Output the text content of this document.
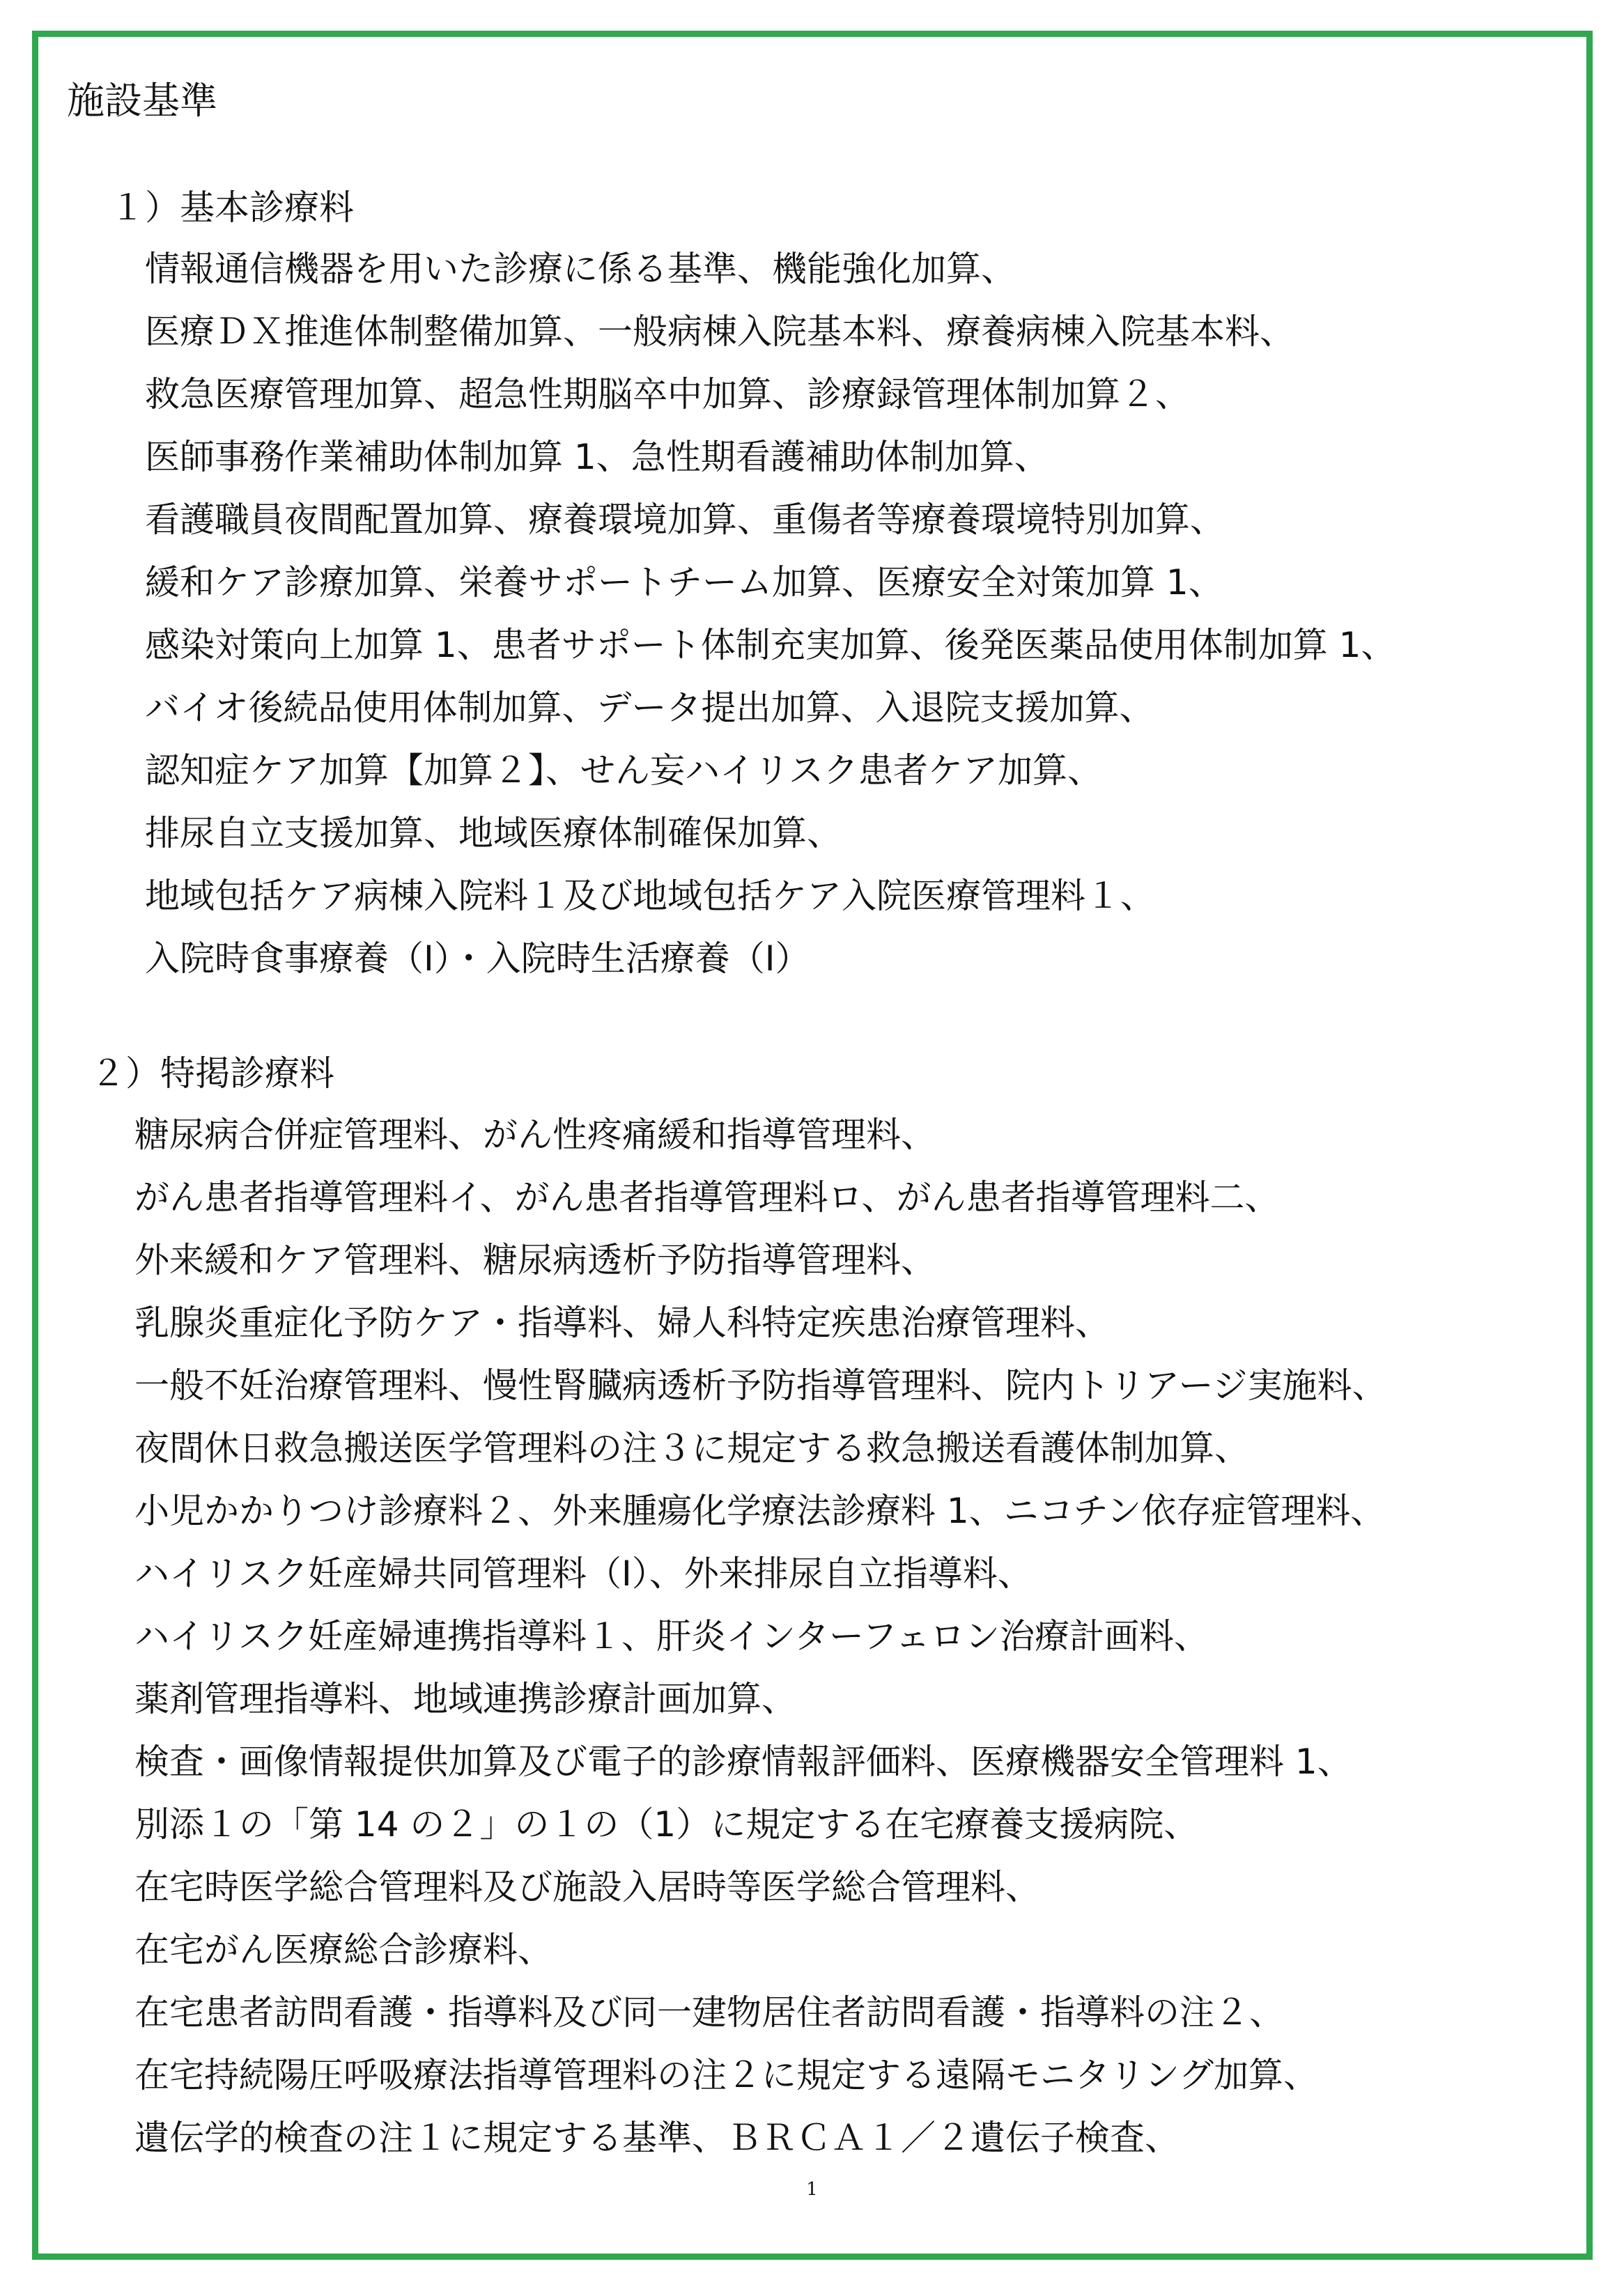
施設基準
１）基本診療料
情報通信機器を用いた診療に係る基準、機能強化加算、
医療ＤＸ推進体制整備加算、一般病棟入院基本料、療養病棟入院基本料、
救急医療管理加算、超急性期脳卒中加算、診療録管理体制加算２、
医師事務作業補助体制加算 1、急性期看護補助体制加算、
看護職員夜間配置加算、療養環境加算、重傷者等療養環境特別加算、
緩和ケア診療加算、栄養サポートチーム加算、医療安全対策加算 1、
感染対策向上加算 1、患者サポート体制充実加算、後発医薬品使用体制加算 1、
バイオ後続品使用体制加算、データ提出加算、入退院支援加算、
認知症ケア加算【加算２】、せん妄ハイリスク患者ケア加算、
排尿自立支援加算、地域医療体制確保加算、
地域包括ケア病棟入院料１及び地域包括ケア入院医療管理料１、
入院時食事療養（Ⅰ）・入院時生活療養（Ⅰ）
２）特掲診療料
糖尿病合併症管理料、がん性疼痛緩和指導管理料、
がん患者指導管理料イ、がん患者指導管理料ロ、がん患者指導管理料二、
外来緩和ケア管理料、糖尿病透析予防指導管理料、
乳腺炎重症化予防ケア・指導料、婦人科特定疾患治療管理料、
一般不妊治療管理料、慢性腎臓病透析予防指導管理料、院内トリアージ実施料、
夜間休日救急搬送医学管理料の注３に規定する救急搬送看護体制加算、
小児かかりつけ診療料２、外来腫瘍化学療法診療料 1、ニコチン依存症管理料、
ハイリスク妊産婦共同管理料（Ⅰ）、外来排尿自立指導料、
ハイリスク妊産婦連携指導料１、肝炎インターフェロン治療計画料、
薬剤管理指導料、地域連携診療計画加算、
検査・画像情報提供加算及び電子的診療情報評価料、医療機器安全管理料 1、
別添１の「第 14 の２」の１の（1）に規定する在宅療養支援病院、
在宅時医学総合管理料及び施設入居時等医学総合管理料、
在宅がん医療総合診療料、
在宅患者訪問看護・指導料及び同一建物居住者訪問看護・指導料の注２、
在宅持続陽圧呼吸療法指導管理料の注２に規定する遠隔モニタリング加算、
遺伝学的検査の注１に規定する基準、ＢＲＣＡ１／２遺伝子検査、
1
